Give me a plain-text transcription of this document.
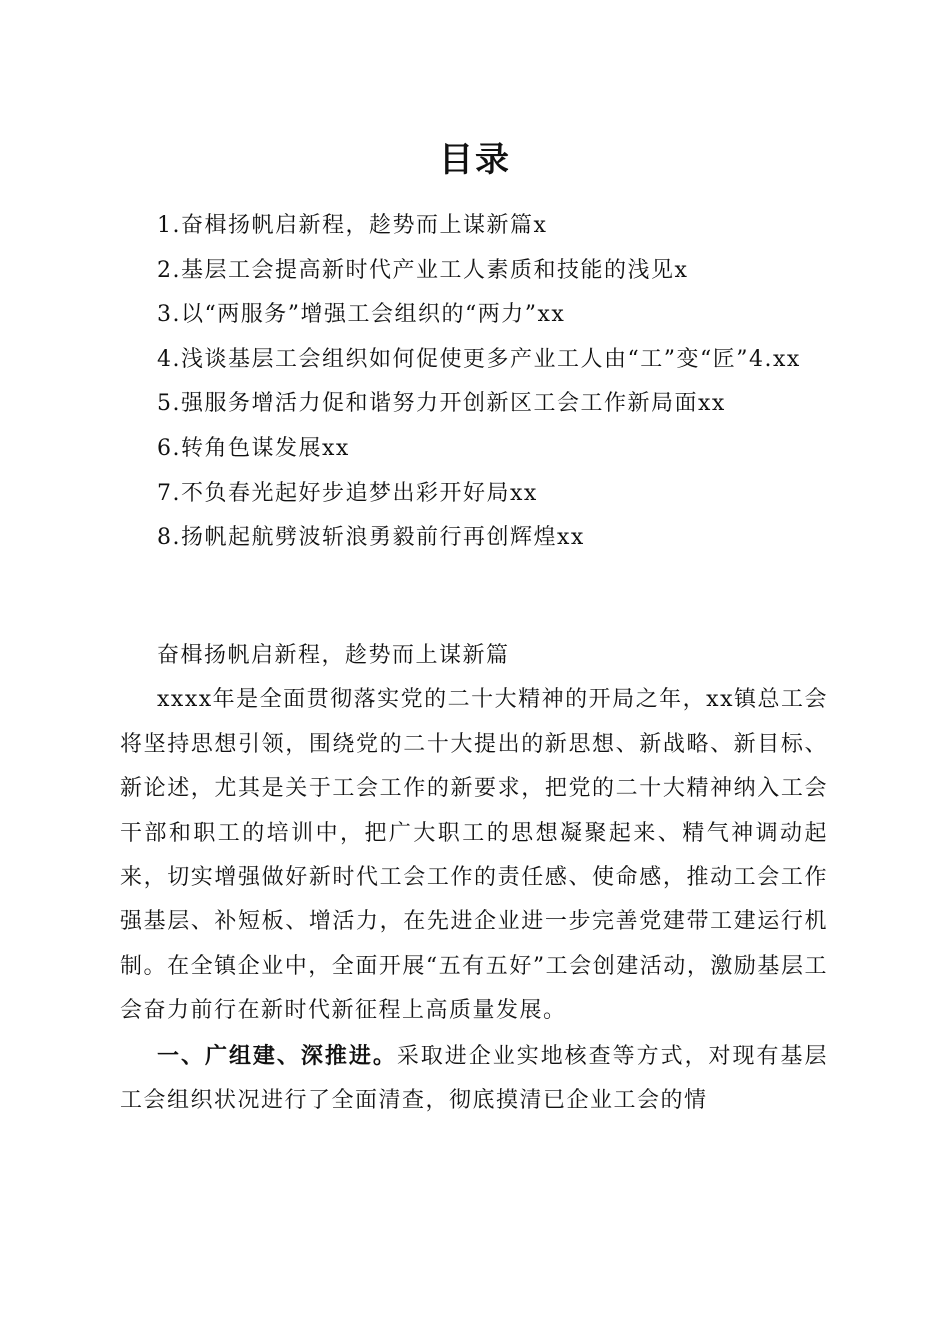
目录
1.奋楫扬帆启新程，趁势而上谋新篇x
2.基层工会提高新时代产业工人素质和技能的浅见x
3.以“两服务”增强工会组织的“两力”xx
4.浅谈基层工会组织如何促使更多产业工人由“工”变“匠”4.xx
5.强服务增活力促和谐努力开创新区工会工作新局面xx
6.转角色谋发展xx
7.不负春光起好步追梦出彩开好局xx
8.扬帆起航劈波斩浪勇毅前行再创辉煌xx

奋楫扬帆启新程，趁势而上谋新篇

xxxx年是全面贯彻落实党的二十大精神的开局之年，xx镇总工会将坚持思想引领，围绕党的二十大提出的新思想、新战略、新目标、新论述，尤其是关于工会工作的新要求，把党的二十大精神纳入工会干部和职工的培训中，把广大职工的思想凝聚起来、精气神调动起来，切实增强做好新时代工会工作的责任感、使命感，推动工会工作强基层、补短板、增活力，在先进企业进一步完善党建带工建运行机制。在全镇企业中，全面开展“五有五好”工会创建活动，激励基层工会奋力前行在新时代新征程上高质量发展。

一、广组建、深推进。采取进企业实地核查等方式，对现有基层工会组织状况进行了全面清查，彻底摸清已企业工会的情
